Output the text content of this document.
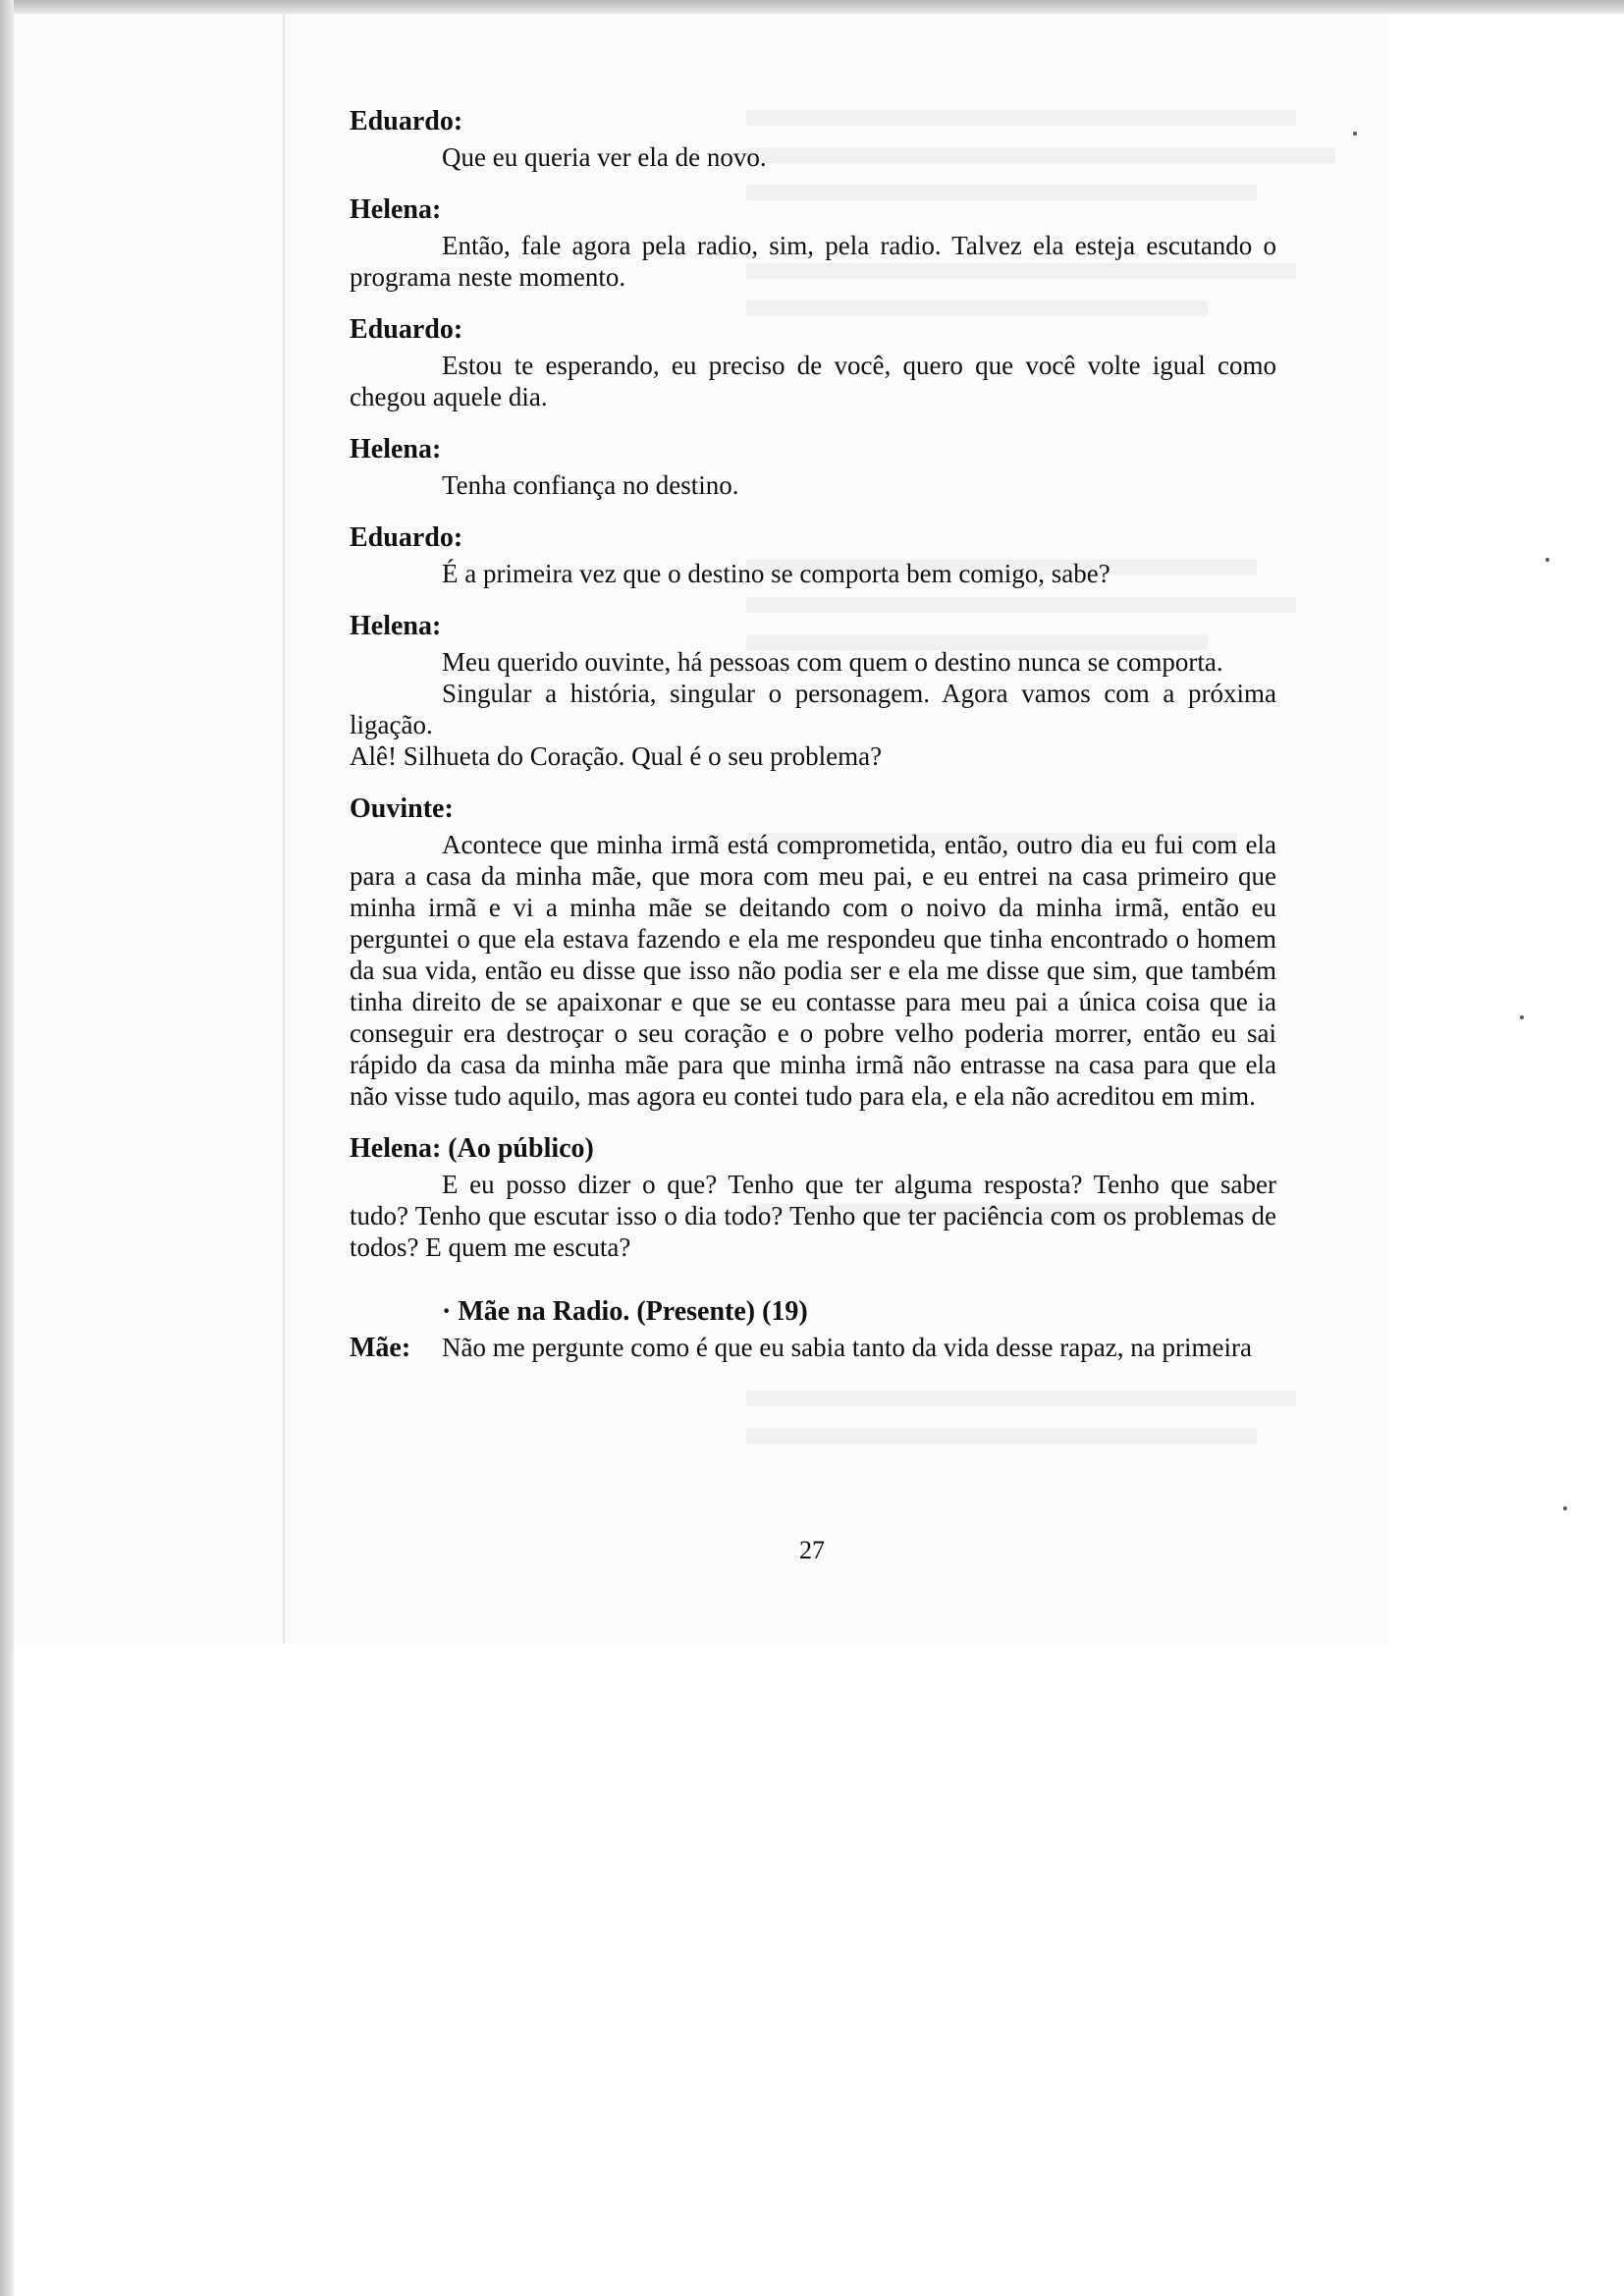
Eduardo:

Que eu queria ver ela de novo.

Helena:

Então, fale agora pela radio, sim, pela radio. Talvez ela esteja escutando o programa neste momento.

Eduardo:

Estou te esperando, eu preciso de você, quero que você volte igual como chegou aquele dia.

Helena:

Tenha confiança no destino.

Eduardo:

É a primeira vez que o destino se comporta bem comigo, sabe?

Helena:

Meu querido ouvinte, há pessoas com quem o destino nunca se comporta.

Singular a história, singular o personagem. Agora vamos com a próxima ligação.

Alê! Silhueta do Coração. Qual é o seu problema?

Ouvinte:

Acontece que minha irmã está comprometida, então, outro dia eu fui com ela para a casa da minha mãe, que mora com meu pai, e eu entrei na casa primeiro que minha irmã e vi a minha mãe se deitando com o noivo da minha irmã, então eu perguntei o que ela estava fazendo e ela me respondeu que tinha encontrado o homem da sua vida, então eu disse que isso não podia ser e ela me disse que sim, que também tinha direito de se apaixonar e que se eu contasse para meu pai a única coisa que ia conseguir era destroçar o seu coração e o pobre velho poderia morrer, então eu sai rápido da casa da minha mãe para que minha irmã não entrasse na casa para que ela não visse tudo aquilo, mas agora eu contei tudo para ela, e ela não acreditou em mim.

Helena: (Ao público)

E eu posso dizer o que? Tenho que ter alguma resposta? Tenho que saber tudo? Tenho que escutar isso o dia todo? Tenho que ter paciência com os problemas de todos? E quem me escuta?

· Mãe na Radio. (Presente) (19)

Mãe: Não me pergunte como é que eu sabia tanto da vida desse rapaz, na primeira
27
